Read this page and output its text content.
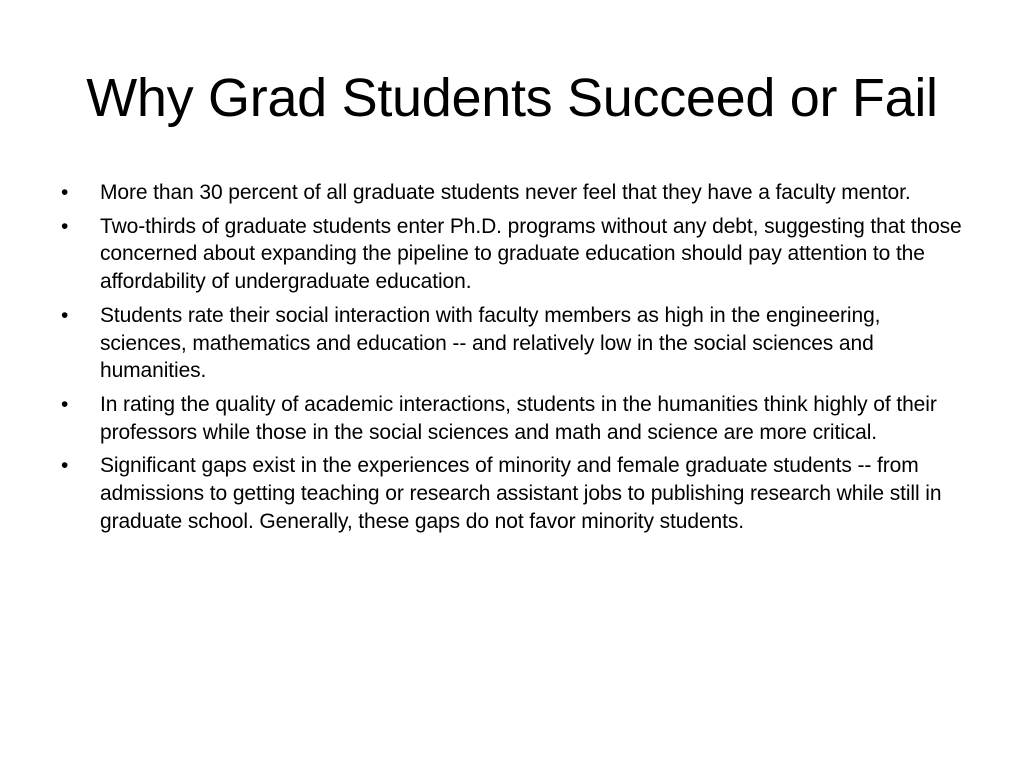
Why Grad Students Succeed or Fail
•	More than 30 percent of all graduate students never feel that they have a faculty mentor.
•	Two-thirds of graduate students enter Ph.D. programs without any debt, suggesting that those concerned about expanding the pipeline to graduate education should pay attention to the affordability of undergraduate education.
•	Students rate their social interaction with faculty members as high in the engineering, sciences, mathematics and education -- and relatively low in the social sciences and humanities.
•	In rating the quality of academic interactions, students in the humanities think highly of their professors while those in the social sciences and math and science are more critical.
•	Significant gaps exist in the experiences of minority and female graduate students -- from admissions to getting teaching or research assistant jobs to publishing research while still in graduate school. Generally, these gaps do not favor minority students.
